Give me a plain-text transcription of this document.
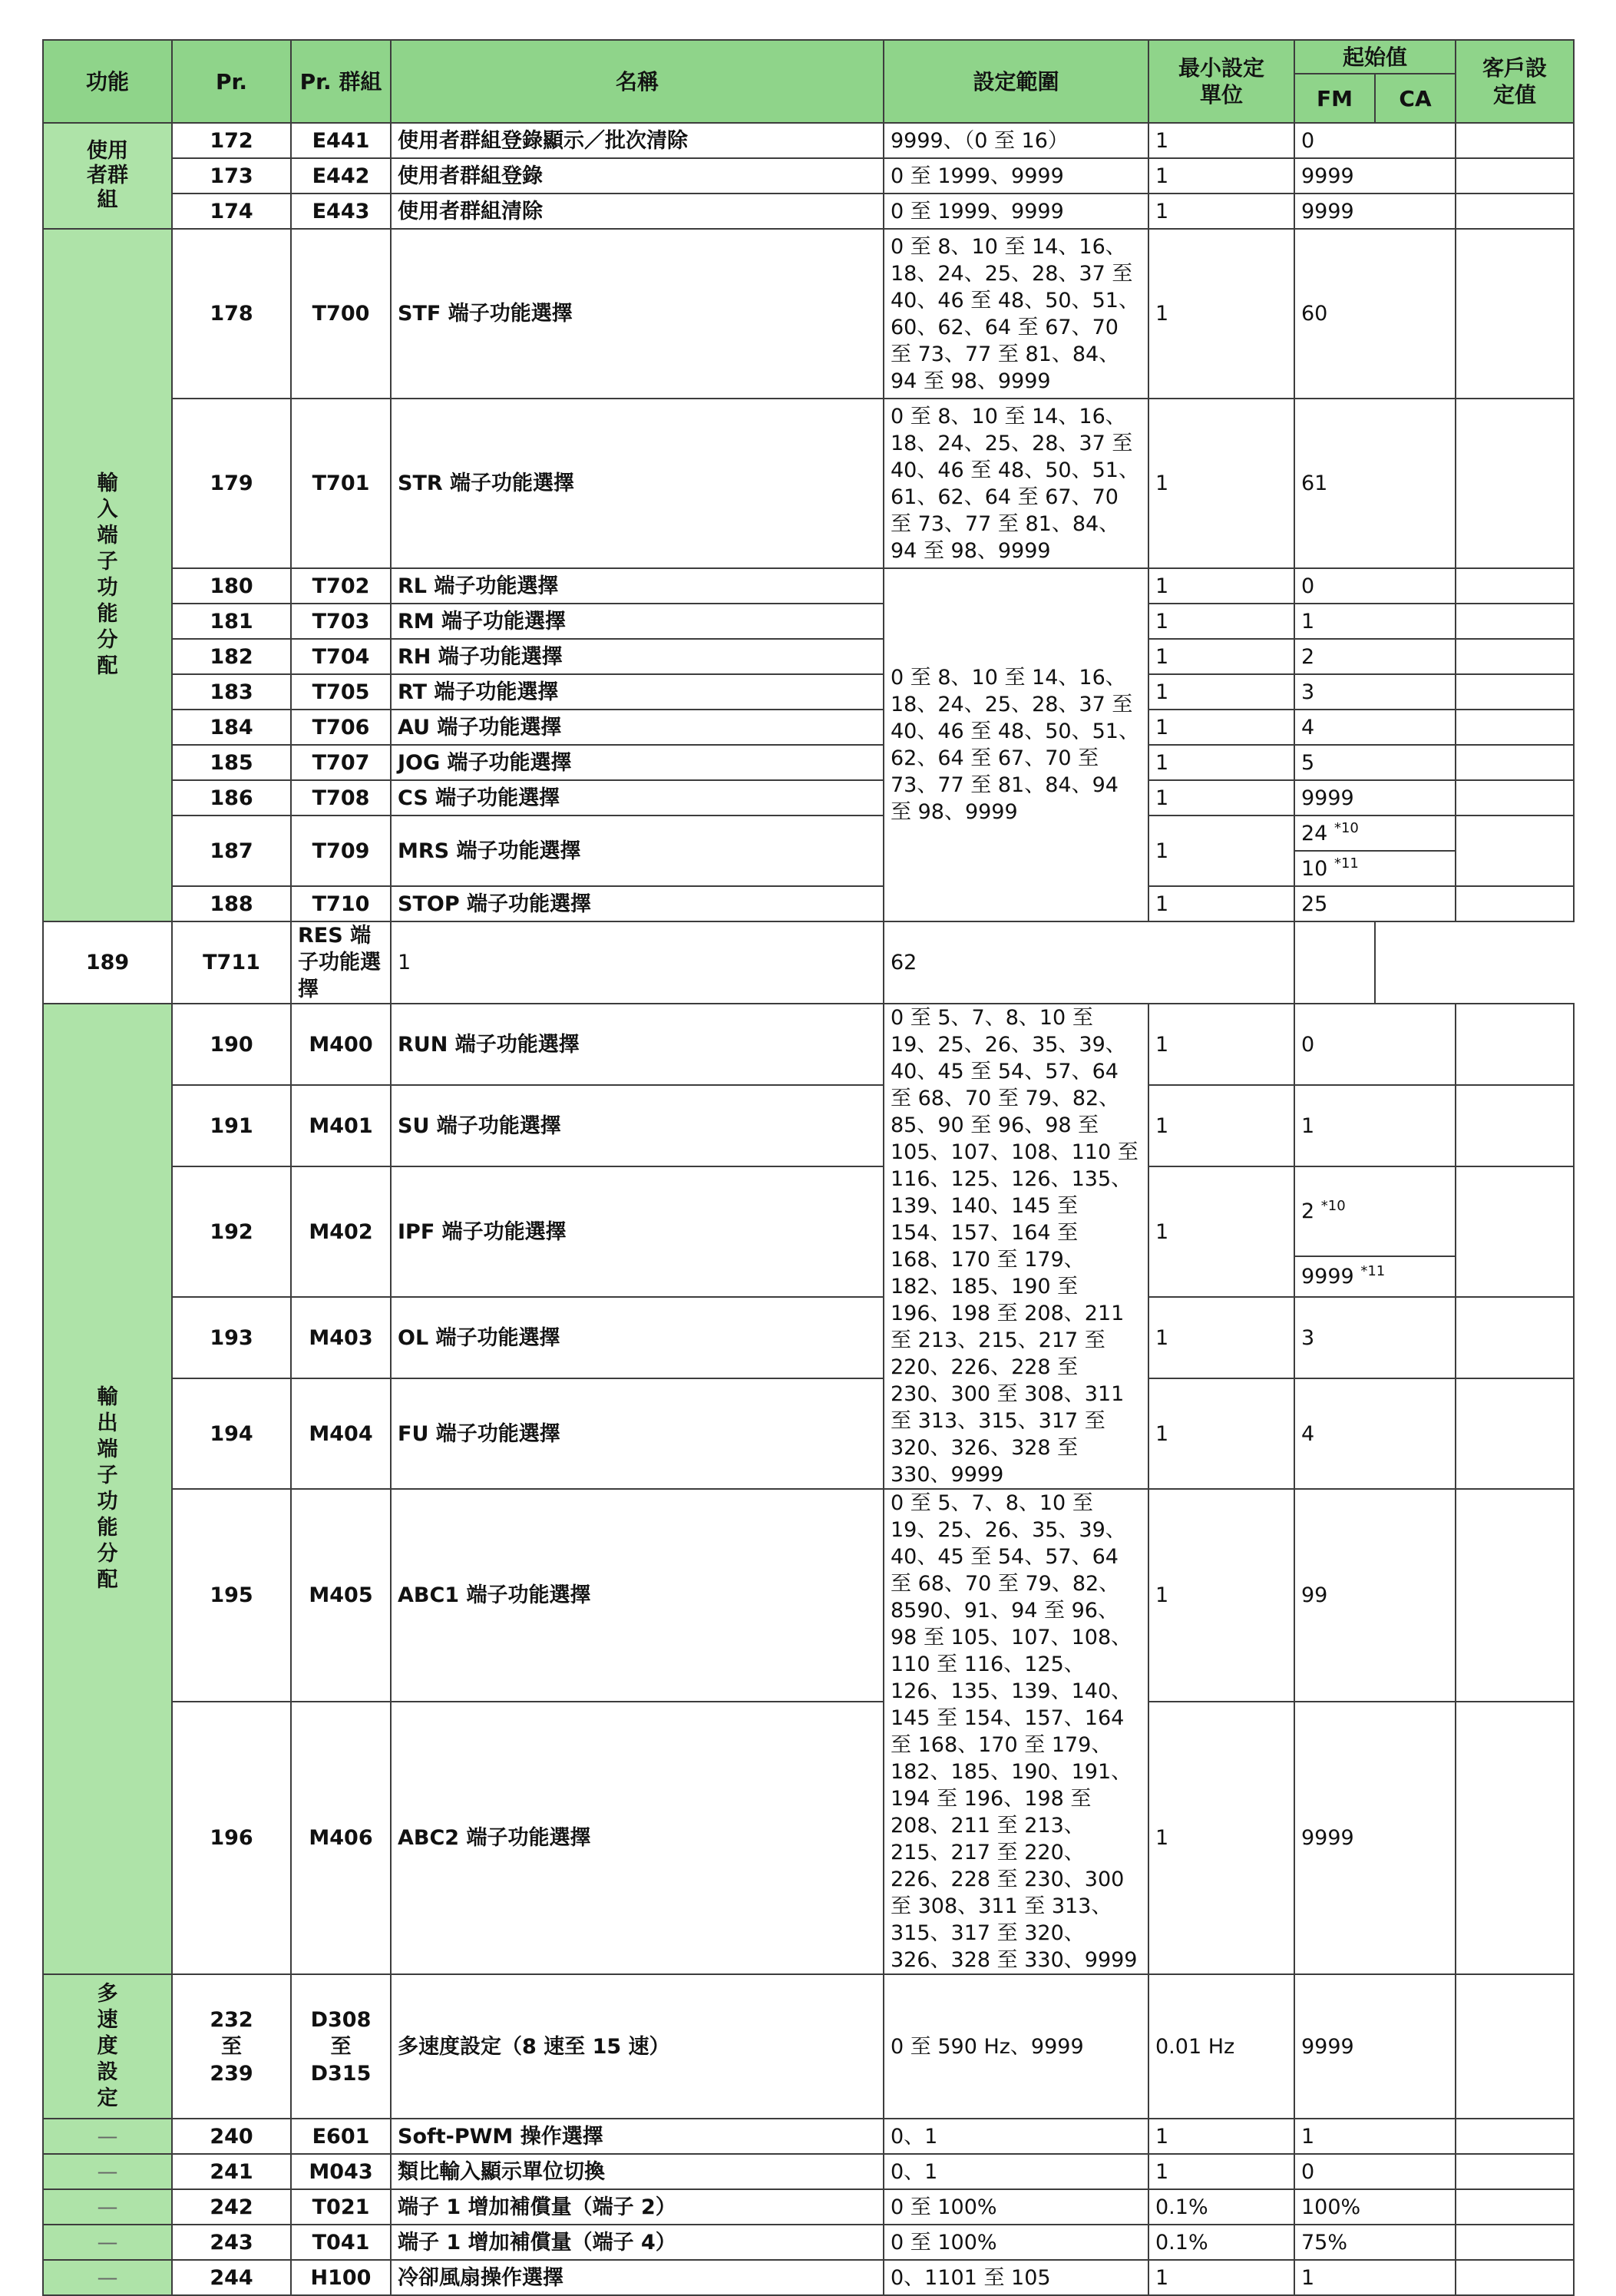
功能	Pr.	Pr. 群組	名稱	設定範圍	最小設定單位	起始值		客戶設定值
						FM	CA	
使用者群組	172	E441	使用者群組登錄顯示／批次清除	9999、（0 至 16）	1	0		
	173	E442	使用者群組登錄	0 至 1999、9999	1	9999		
	174	E443	使用者群組清除	0 至 1999、9999	1	9999		
輸入端子功能分配	178	T700	STF 端子功能選擇	0 至 8、10 至 14、16、18、24、25、28、37 至 40、46 至 48、50、51、60、62、64 至 67、70 至 73、77 至 81、84、94 至 98、9999	1	60		
	179	T701	STR 端子功能選擇	0 至 8、10 至 14、16、18、24、25、28、37 至 40、46 至 48、50、51、61、62、64 至 67、70 至 73、77 至 81、84、94 至 98、9999	1	61		
	180	T702	RL 端子功能選擇	0 至 8、10 至 14、16、18、24、25、28、37 至 40、46 至 48、50、51、62、64 至 67、70 至 73、77 至 81、84、94 至 98、9999	1	0		
	181	T703	RM 端子功能選擇		1	1		
	182	T704	RH 端子功能選擇		1	2		
	183	T705	RT 端子功能選擇		1	3		
	184	T706	AU 端子功能選擇		1	4		
	185	T707	JOG 端子功能選擇		1	5		
	186	T708	CS 端子功能選擇		1	9999		
	187	T709	MRS 端子功能選擇		1	24 $^{*10}$	
						10 $^{*11}$
	188	T710	STOP 端子功能選擇		1	25		
189	T711	RES 端子功能選擇	1	62				
輸出端子功能分配	190	M400	RUN 端子功能選擇	0 至 5、7、8、10 至 19、25、26、35、39、40、45 至 54、57、64 至 68、70 至 79、82、85、90 至 96、98 至 105、107、108、110 至 116、125、126、135、139、140、145 至 154、157、164 至 168、170 至 179、182、185、190 至 196、198 至 208、211 至 213、215、217 至 220、226、228 至 230、300 至 308、311 至 313、315、317 至 320、326、328 至 330、9999	1	0		
	191	M401	SU 端子功能選擇		1	1		
	192	M402	IPF 端子功能選擇		1	2 $^{*10}$	
						9999 $^{*11}$
	193	M403	OL 端子功能選擇		1	3		
	194	M404	FU 端子功能選擇		1	4		
	195	M405	ABC1 端子功能選擇	0 至 5、7、8、10 至 19、25、26、35、39、40、45 至 54、57、64 至 68、70 至 79、82、8590、91、94 至 96、98 至 105、107、108、110 至 116、125、126、135、139、140、145 至 154、157、164 至 168、170 至 179、182、185、190、191、194 至 196、198 至 208、211 至 213、215、217 至 220、226、228 至 230、300 至 308、311 至 313、315、317 至 320、326、328 至 330、9999	1	99		
	196	M406	ABC2 端子功能選擇		1	9999		
多速度設定	232 至 239	D308 至 D315	多速度設定（8 速至 15 速）	0 至 590 Hz、9999	0.01 Hz	9999		
—	240	E601	Soft-PWM 操作選擇	0、1	1	1		
—	241	M043	類比輸入顯示單位切換	0、1	1	0		
—	242	T021	端子 1 增加補償量（端子 2）	0 至 100%	0.1%	100%		
—	243	T041	端子 1 增加補償量（端子 4）	0 至 100%	0.1%	75%		
—	244	H100	冷卻風扇操作選擇	0、1101 至 105	1	1		
